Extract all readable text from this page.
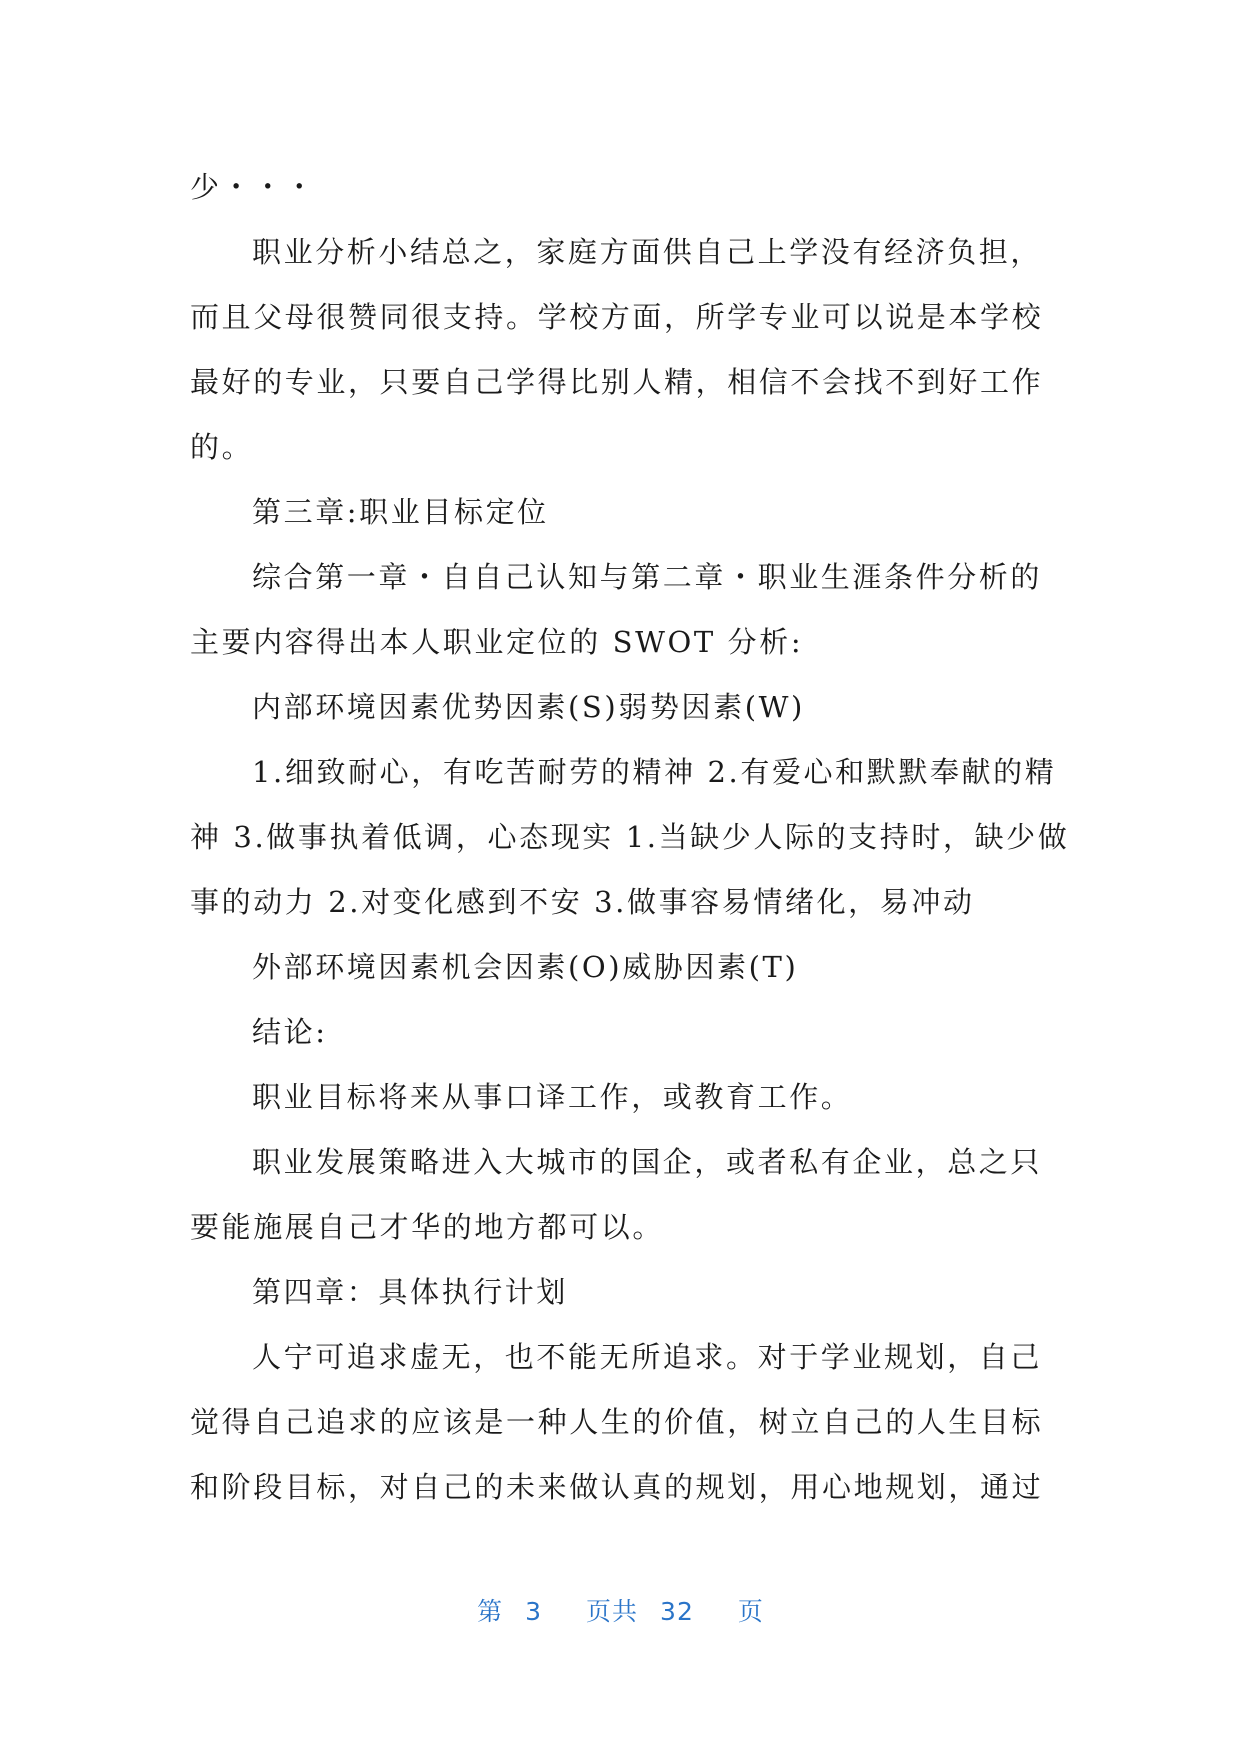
少・・・
职业分析小结总之，家庭方面供自己上学没有经济负担，
而且父母很赞同很支持。学校方面，所学专业可以说是本学校
最好的专业，只要自己学得比别人精，相信不会找不到好工作
的。
第三章:职业目标定位
综合第一章・自自己认知与第二章・职业生涯条件分析的
主要内容得出本人职业定位的 SWOT 分析:
内部环境因素优势因素(S)弱势因素(W)
1.细致耐心，有吃苦耐劳的精神 2.有爱心和默默奉献的精
神 3.做事执着低调，心态现实 1.当缺少人际的支持时，缺少做
事的动力 2.对变化感到不安 3.做事容易情绪化，易冲动
外部环境因素机会因素(O)威胁因素(T)
结论:
职业目标将来从事口译工作，或教育工作。
职业发展策略进入大城市的国企，或者私有企业，总之只
要能施展自己才华的地方都可以。
第四章：具体执行计划
人宁可追求虚无，也不能无所追求。对于学业规划，自己
觉得自己追求的应该是一种人生的价值，树立自己的人生目标
和阶段目标，对自己的未来做认真的规划，用心地规划，通过
第 3 页共 32 页
